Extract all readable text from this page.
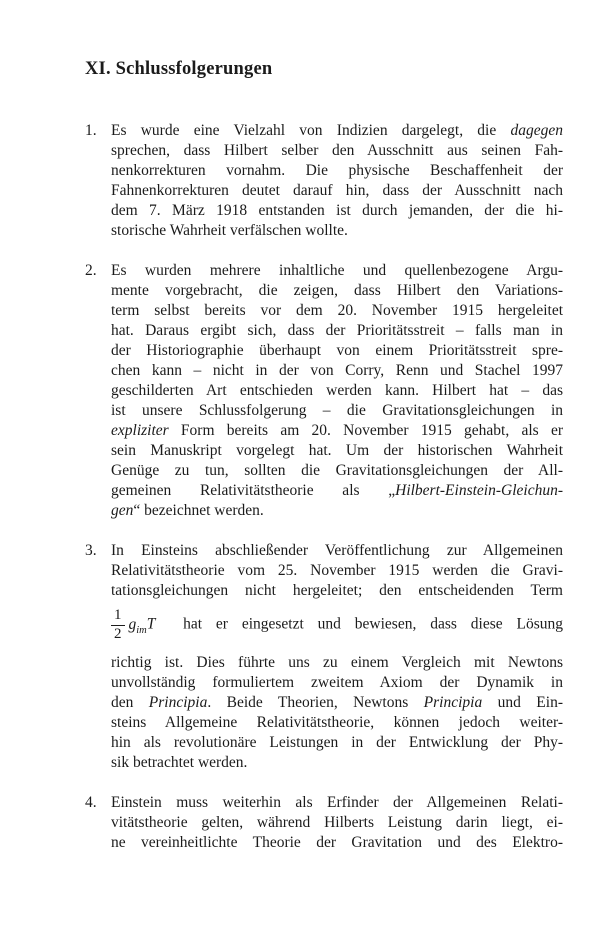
XI. Schlussfolgerungen
1. Es wurde eine Vielzahl von Indizien dargelegt, die dagegen
sprechen, dass Hilbert selber den Ausschnitt aus seinen Fah-
nenkorrekturen vornahm. Die physische Beschaffenheit der
Fahnenkorrekturen deutet darauf hin, dass der Ausschnitt nach
dem 7. März 1918 entstanden ist durch jemanden, der die hi-
storische Wahrheit verfälschen wollte.
2. Es wurden mehrere inhaltliche und quellenbezogene Argu-
mente vorgebracht, die zeigen, dass Hilbert den Variations-
term selbst bereits vor dem 20. November 1915 hergeleitet
hat. Daraus ergibt sich, dass der Prioritätsstreit – falls man in
der Historiographie überhaupt von einem Prioritätsstreit spre-
chen kann – nicht in der von Corry, Renn und Stachel 1997
geschilderten Art entschieden werden kann. Hilbert hat – das
ist unsere Schlussfolgerung – die Gravitationsgleichungen in
expliziter Form bereits am 20. November 1915 gehabt, als er
sein Manuskript vorgelegt hat. Um der historischen Wahrheit
Genüge zu tun, sollten die Gravitationsgleichungen der All-
gemeinen Relativitätstheorie als „Hilbert-Einstein-Gleichun-
gen“ bezeichnet werden.
3. In Einsteins abschließender Veröffentlichung zur Allgemeinen
Relativitätstheorie vom 25. November 1915 werden die Gravi-
tationsgleichungen nicht hergeleitet; den entscheidenden Term
$\frac{1}{2} g_{im}T$  hat er eingesetzt und bewiesen, dass diese Lösung
richtig ist. Dies führte uns zu einem Vergleich mit Newtons
unvollständig formuliertem zweitem Axiom der Dynamik in
den Principia. Beide Theorien, Newtons Principia und Ein-
steins Allgemeine Relativitätstheorie, können jedoch weiter-
hin als revolutionäre Leistungen in der Entwicklung der Phy-
sik betrachtet werden.
4. Einstein muss weiterhin als Erfinder der Allgemeinen Relati-
vitätstheorie gelten, während Hilberts Leistung darin liegt, ei-
ne vereinheitlichte Theorie der Gravitation und des Elektro-
